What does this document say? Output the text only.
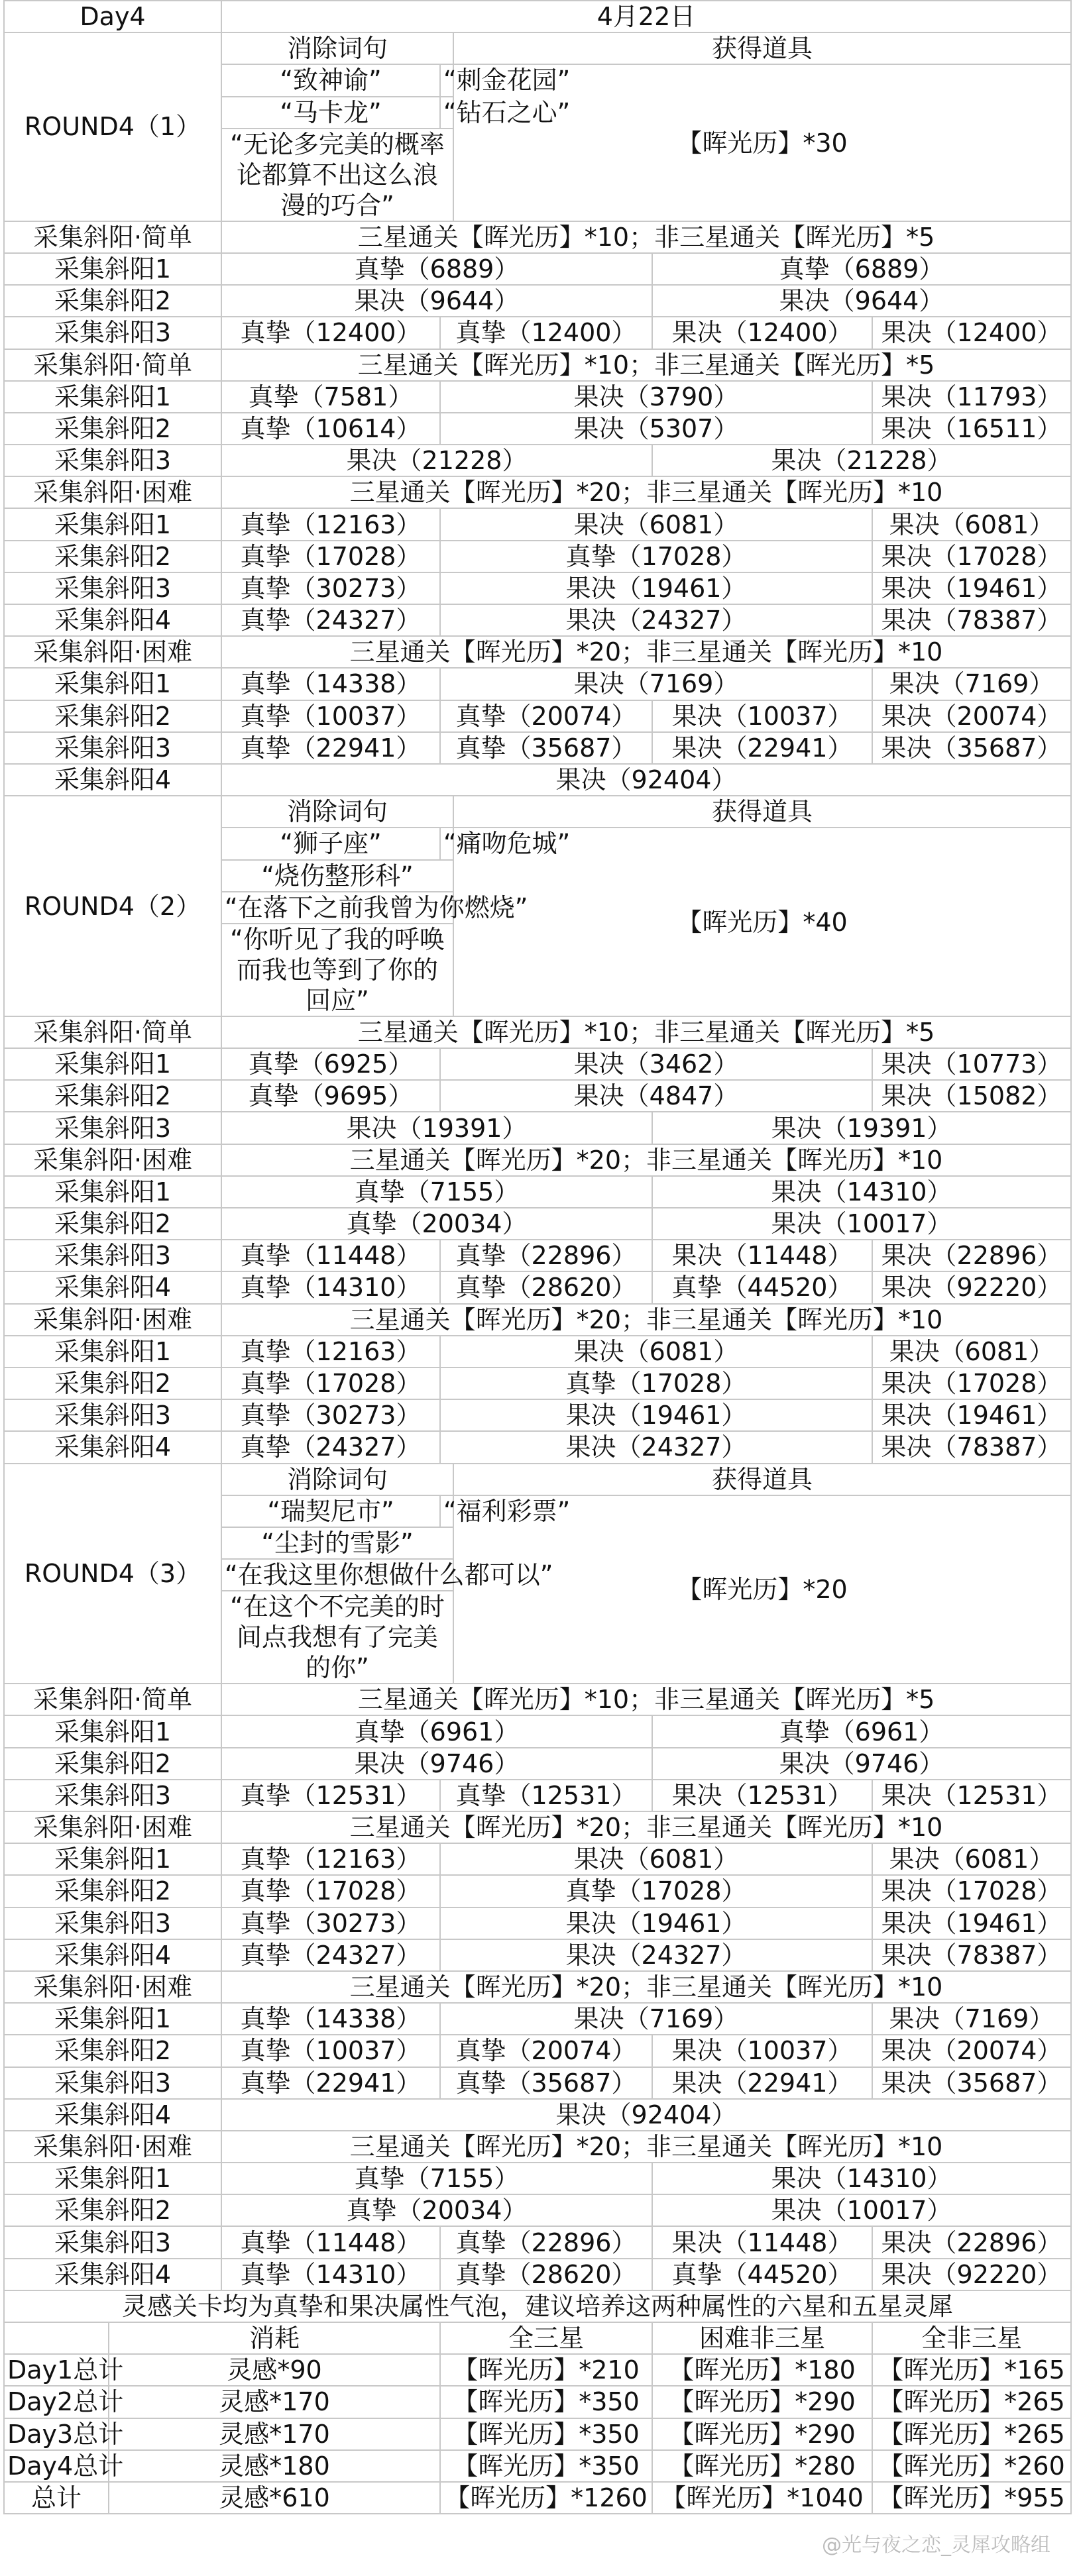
Day4		4月22日				
ROUND4（1）		消除词句		获得道具		
		“致神谕”	“刺金花园”	【晖光历】*30		
		“马卡龙”	“钻石之心”			
		“无论多完美的概率论都算不出这么浪漫的巧合”				

采集斜阳·简单		三星通关【晖光历】*10；非三星通关【晖光历】*5				
采集斜阳1		真挚（6889）			真挚（6889）	
采集斜阳2		果决（9644）			果决（9644）	
采集斜阳3		真挚（12400）	真挚（12400）		果决（12400）	果决（12400）
采集斜阳·简单		三星通关【晖光历】*10；非三星通关【晖光历】*5				
采集斜阳1		真挚（7581）	果决（3790）			果决（11793）
采集斜阳2		真挚（10614）	果决（5307）			果决（16511）
采集斜阳3		果决（21228）			果决（21228）	
采集斜阳·困难		三星通关【晖光历】*20；非三星通关【晖光历】*10				
采集斜阳1		真挚（12163）	果决（6081）			果决（6081）
采集斜阳2		真挚（17028）	真挚（17028）			果决（17028）
采集斜阳3		真挚（30273）	果决（19461）			果决（19461）
采集斜阳4		真挚（24327）	果决（24327）			果决（78387）
采集斜阳·困难		三星通关【晖光历】*20；非三星通关【晖光历】*10				
采集斜阳1		真挚（14338）	果决（7169）			果决（7169）
采集斜阳2		真挚（10037）	真挚（20074）		果决（10037）	果决（20074）
采集斜阳3		真挚（22941）	真挚（35687）		果决（22941）	果决（35687）
采集斜阳4		果决（92404）				
ROUND4（2）		消除词句		获得道具		
		“狮子座”	“痛吻危城”	【晖光历】*40		
		“烧伤整形科”				
		“在落下之前我曾为你燃烧”				
		“你听见了我的呼唤而我也等到了你的回应”				

采集斜阳·简单		三星通关【晖光历】*10；非三星通关【晖光历】*5				
采集斜阳1		真挚（6925）	果决（3462）			果决（10773）
采集斜阳2		真挚（9695）	果决（4847）			果决（15082）
采集斜阳3		果决（19391）			果决（19391）	
采集斜阳·困难		三星通关【晖光历】*20；非三星通关【晖光历】*10				
采集斜阳1		真挚（7155）			果决（14310）	
采集斜阳2		真挚（20034）			果决（10017）	
采集斜阳3		真挚（11448）	真挚（22896）		果决（11448）	果决（22896）
采集斜阳4		真挚（14310）	真挚（28620）		真挚（44520）	果决（92220）
采集斜阳·困难		三星通关【晖光历】*20；非三星通关【晖光历】*10				
采集斜阳1		真挚（12163）	果决（6081）			果决（6081）
采集斜阳2		真挚（17028）	真挚（17028）			果决（17028）
采集斜阳3		真挚（30273）	果决（19461）			果决（19461）
采集斜阳4		真挚（24327）	果决（24327）			果决（78387）
ROUND4（3）		消除词句		获得道具		
		“瑞契尼市”	“福利彩票”	【晖光历】*20		
		“尘封的雪影”				
		“在我这里你想做什么都可以”				
		“在这个不完美的时间点我想有了完美的你”				

采集斜阳·简单		三星通关【晖光历】*10；非三星通关【晖光历】*5				
采集斜阳1		真挚（6961）			真挚（6961）	
采集斜阳2		果决（9746）			果决（9746）	
采集斜阳3		真挚（12531）	真挚（12531）		果决（12531）	果决（12531）
采集斜阳·困难		三星通关【晖光历】*20；非三星通关【晖光历】*10				
采集斜阳1		真挚（12163）	果决（6081）			果决（6081）
采集斜阳2		真挚（17028）	真挚（17028）			果决（17028）
采集斜阳3		真挚（30273）	果决（19461）			果决（19461）
采集斜阳4		真挚（24327）	果决（24327）			果决（78387）
采集斜阳·困难		三星通关【晖光历】*20；非三星通关【晖光历】*10				
采集斜阳1		真挚（14338）	果决（7169）			果决（7169）
采集斜阳2		真挚（10037）	真挚（20074）		果决（10037）	果决（20074）
采集斜阳3		真挚（22941）	真挚（35687）		果决（22941）	果决（35687）
采集斜阳4		果决（92404）				
采集斜阳·困难		三星通关【晖光历】*20；非三星通关【晖光历】*10				
采集斜阳1		真挚（7155）			果决（14310）	
采集斜阳2		真挚（20034）			果决（10017）	
采集斜阳3		真挚（11448）	真挚（22896）		果决（11448）	果决（22896）
采集斜阳4		真挚（14310）	真挚（28620）		真挚（44520）	果决（92220）
灵感关卡均为真挚和果决属性气泡，建议培养这两种属性的六星和五星灵犀						
	消耗		全三星		困难非三星	全非三星
Day1总计	灵感*90		【晖光历】*210		【晖光历】*180	【晖光历】*165
Day2总计	灵感*170		【晖光历】*350		【晖光历】*290	【晖光历】*265
Day3总计	灵感*170		【晖光历】*350		【晖光历】*290	【晖光历】*265
Day4总计	灵感*180		【晖光历】*350		【晖光历】*280	【晖光历】*260
总计	灵感*610		【晖光历】*1260		【晖光历】*1040	【晖光历】*955
@光与夜之恋_灵犀攻略组
